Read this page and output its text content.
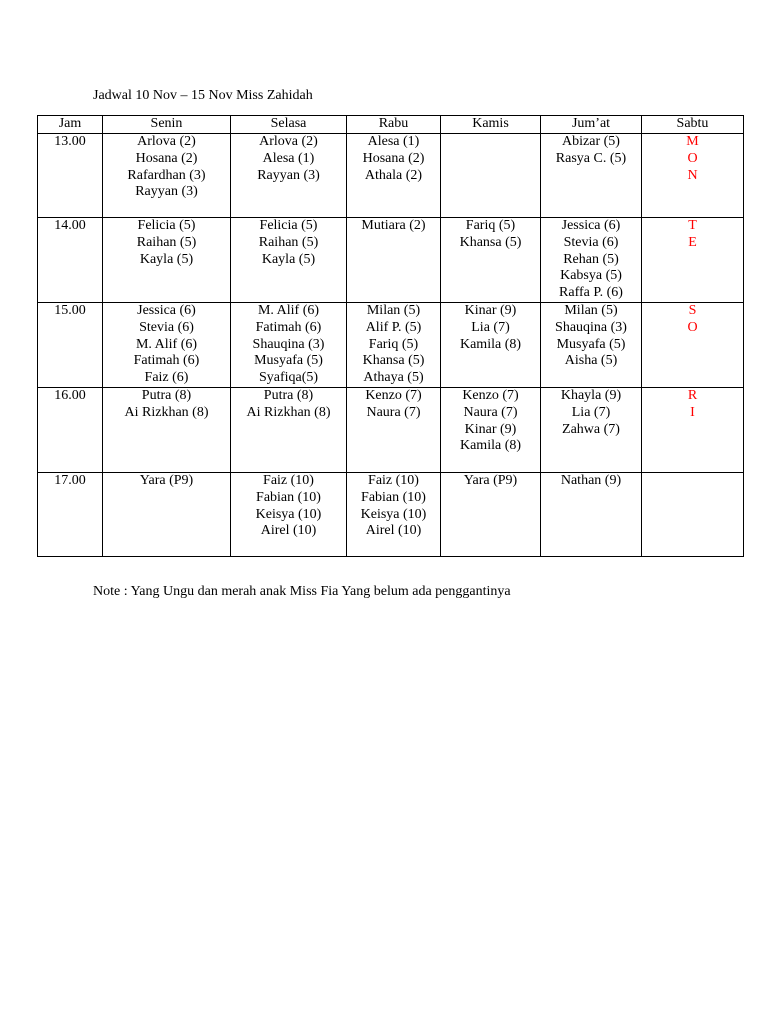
Jadwal 10 Nov – 15 Nov Miss Zahidah
Jam	Senin	Selasa	Rabu	Kamis	Jum’at	Sabtu

13.00	Arlova (2)
Hosana (2)
Rafardhan (3)
Rayyan (3)	Arlova (2)
Alesa (1)
Rayyan (3)	Alesa (1)
Hosana (2)
Athala (2)		Abizar (5)
Rasya C. (5)	M
O
N

14.00	Felicia (5)
Raihan (5)
Kayla (5)	Felicia (5)
Raihan (5)
Kayla (5)	Mutiara (2)	Fariq (5)
Khansa (5)	Jessica (6)
Stevia (6)
Rehan (5)
Kabsya (5)
Raffa P. (6)	T
E

15.00	Jessica (6)
Stevia (6)
M. Alif (6)
Fatimah (6)
Faiz (6)	M. Alif (6)
Fatimah (6)
Shauqina (3)
Musyafa (5)
Syafiqa(5)	Milan (5)
Alif P. (5)
Fariq (5)
Khansa (5)
Athaya (5)	Kinar (9)
Lia (7)
Kamila (8)	Milan (5)
Shauqina (3)
Musyafa (5)
Aisha (5)	S
O

16.00	Putra (8)
Ai Rizkhan (8)	Putra (8)
Ai Rizkhan (8)	Kenzo (7)
Naura (7)	Kenzo (7)
Naura (7)
Kinar (9)
Kamila (8)	Khayla (9)
Lia (7)
Zahwa (7)	R
I

17.00	Yara (P9)	Faiz (10)
Fabian (10)
Keisya (10)
Airel (10)	Faiz (10)
Fabian (10)
Keisya (10)
Airel (10)	Yara (P9)	Nathan (9)	

Note : Yang Ungu dan merah anak Miss Fia Yang belum ada penggantinya
